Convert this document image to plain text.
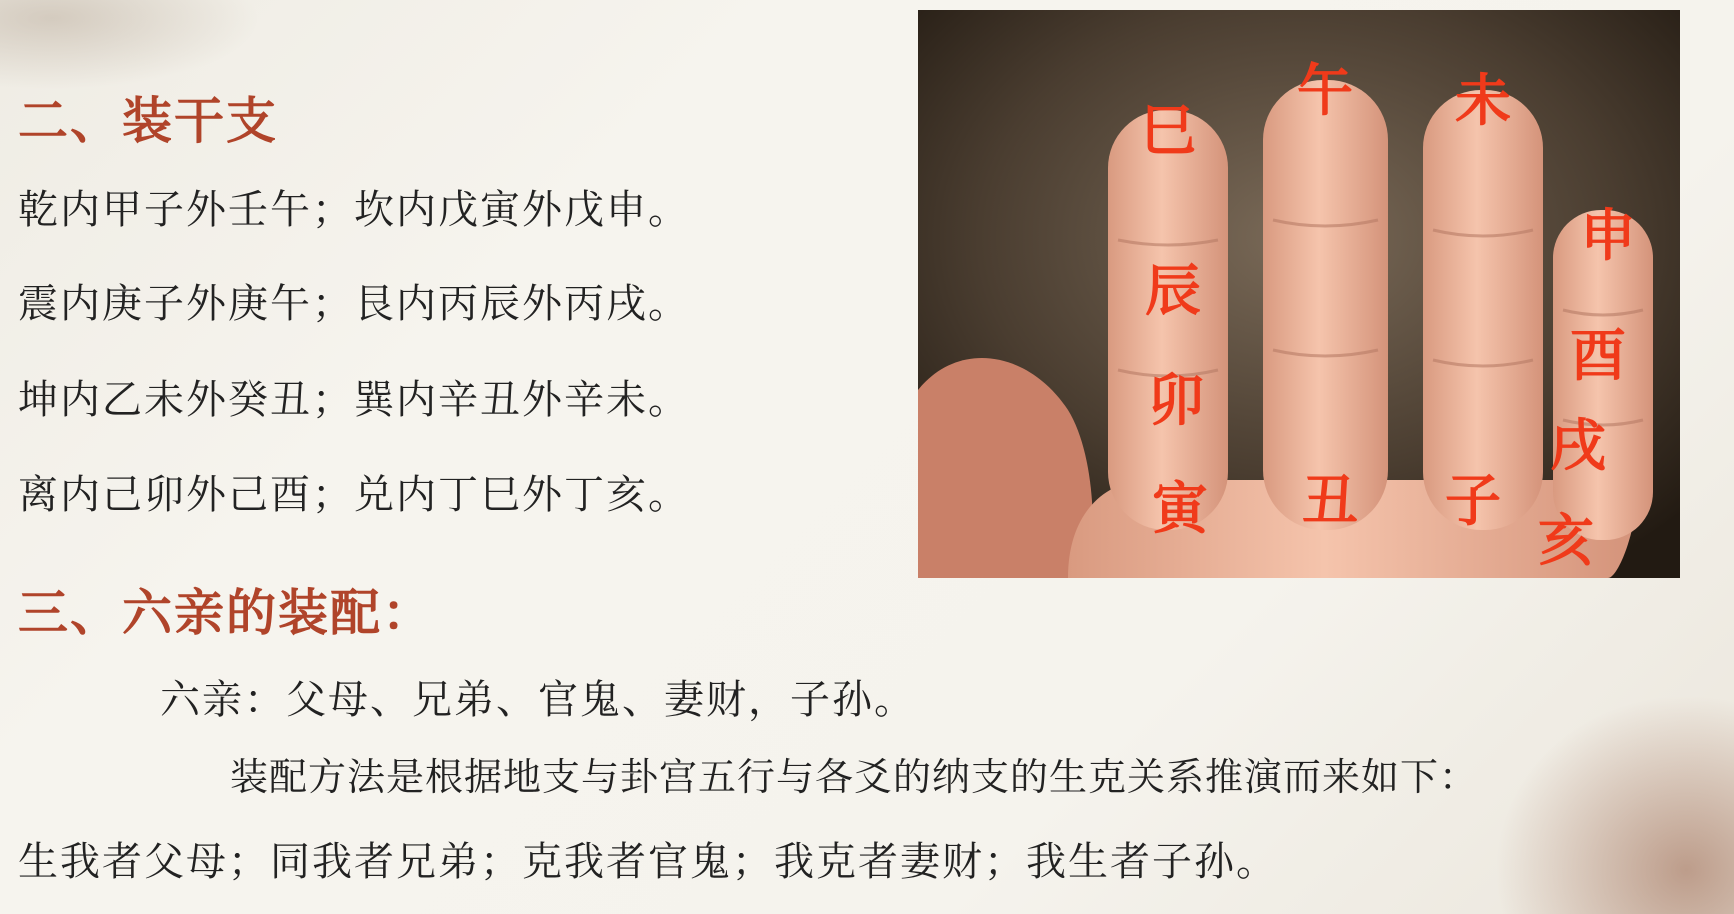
二、装干支
乾内甲子外壬午；坎内戊寅外戊申。
震内庚子外庚午；艮内丙辰外丙戌。
坤内乙未外癸丑；巽内辛丑外辛未。
离内己卯外己酉；兑内丁巳外丁亥。
三、六亲的装配：
六亲：父母、兄弟、官鬼、妻财，子孙。
装配方法是根据地支与卦宫五行与各爻的纳支的生克关系推演而来如下：
生我者父母；同我者兄弟；克我者官鬼；我克者妻财；我生者子孙。
巳
午 未
申
辰
酉
卯
戌
寅 丑 子
亥
